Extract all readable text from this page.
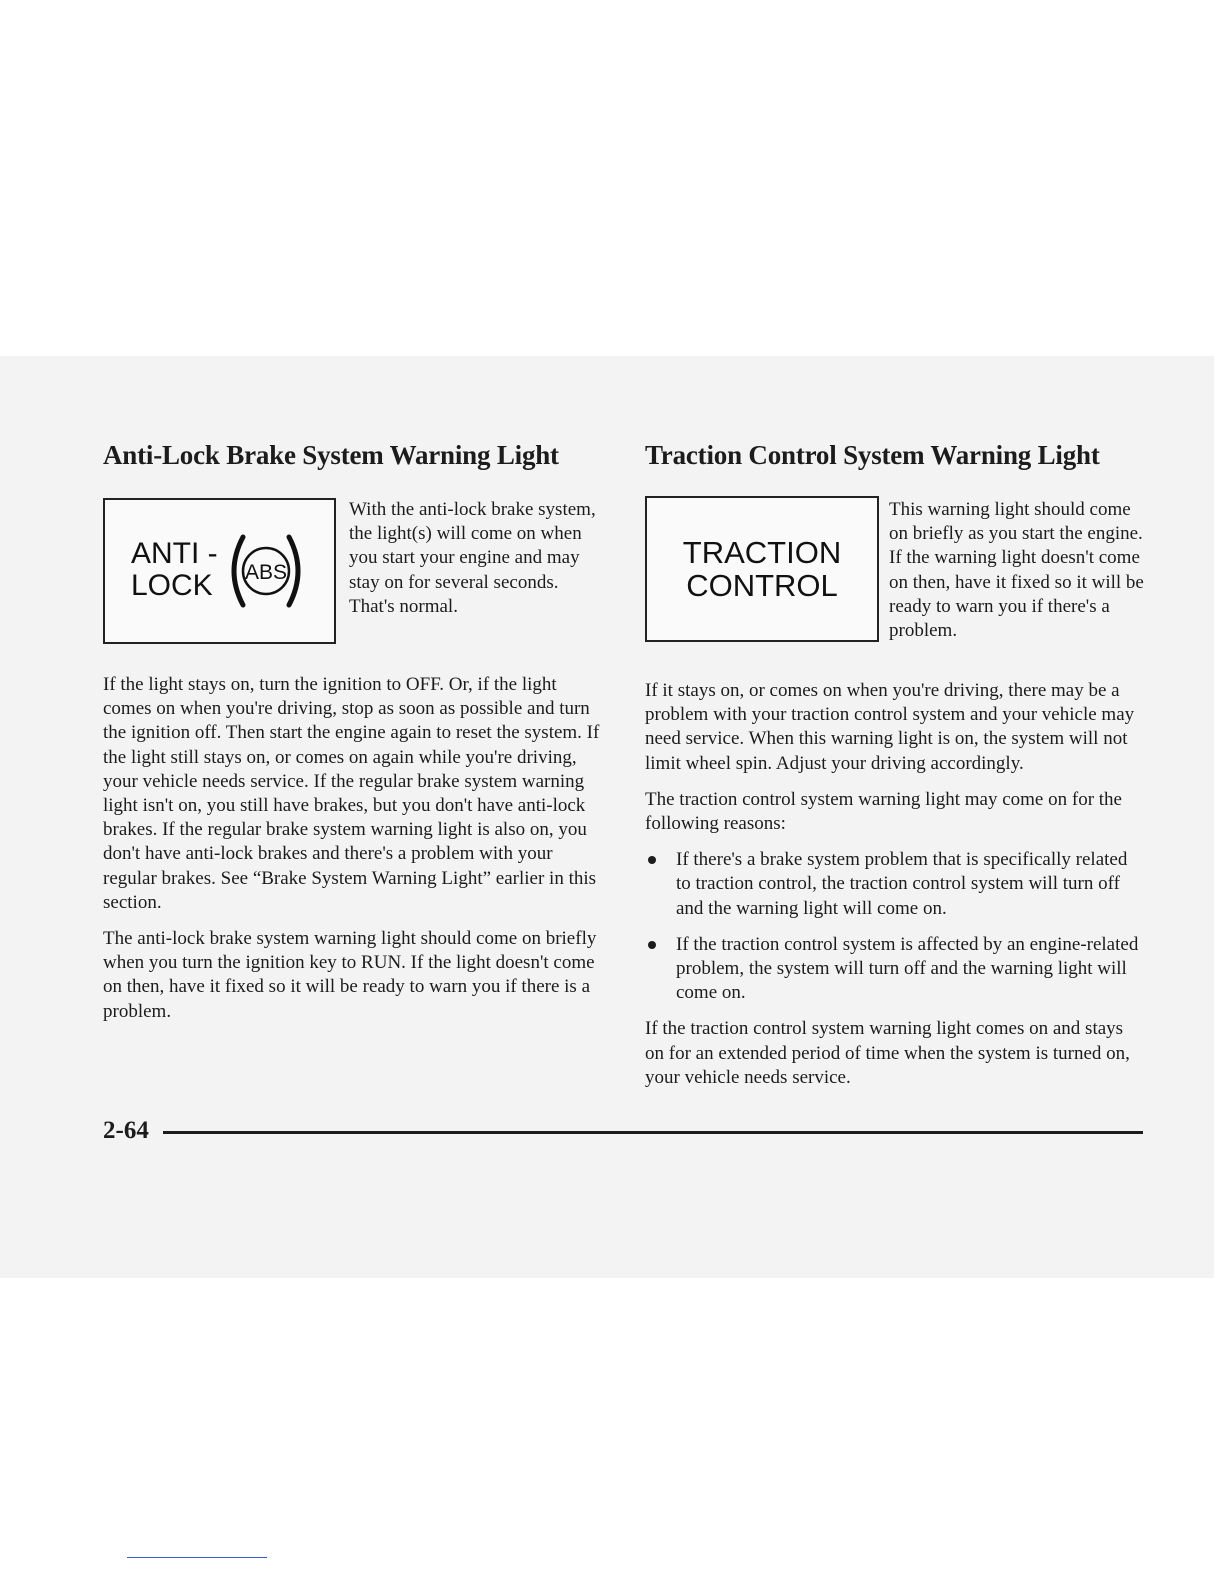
Anti-Lock Brake System Warning Light
ANTI -
LOCK ABS

With the anti-lock brake system, the light(s) will come on when you start your engine and may stay on for several seconds. That's normal.

If the light stays on, turn the ignition to OFF. Or, if the light comes on when you're driving, stop as soon as possible and turn the ignition off. Then start the engine again to reset the system. If the light still stays on, or comes on again while you're driving, your vehicle needs service. If the regular brake system warning light isn't on, you still have brakes, but you don't have anti-lock brakes. If the regular brake system warning light is also on, you don't have anti-lock brakes and there's a problem with your regular brakes. See “Brake System Warning Light” earlier in this section.

The anti-lock brake system warning light should come on briefly when you turn the ignition key to RUN. If the light doesn't come on then, have it fixed so it will be ready to warn you if there is a problem.

Traction Control System Warning Light
TRACTION
CONTROL

This warning light should come on briefly as you start the engine. If the warning light doesn't come on then, have it fixed so it will be ready to warn you if there's a problem.

If it stays on, or comes on when you're driving, there may be a problem with your traction control system and your vehicle may need service. When this warning light is on, the system will not limit wheel spin. Adjust your driving accordingly.

The traction control system warning light may come on for the following reasons:

If there's a brake system problem that is specifically related to traction control, the traction control system will turn off and the warning light will come on.
If the traction control system is affected by an engine-related problem, the system will turn off and the warning light will come on.

If the traction control system warning light comes on and stays on for an extended period of time when the system is turned on, your vehicle needs service.

2-64
